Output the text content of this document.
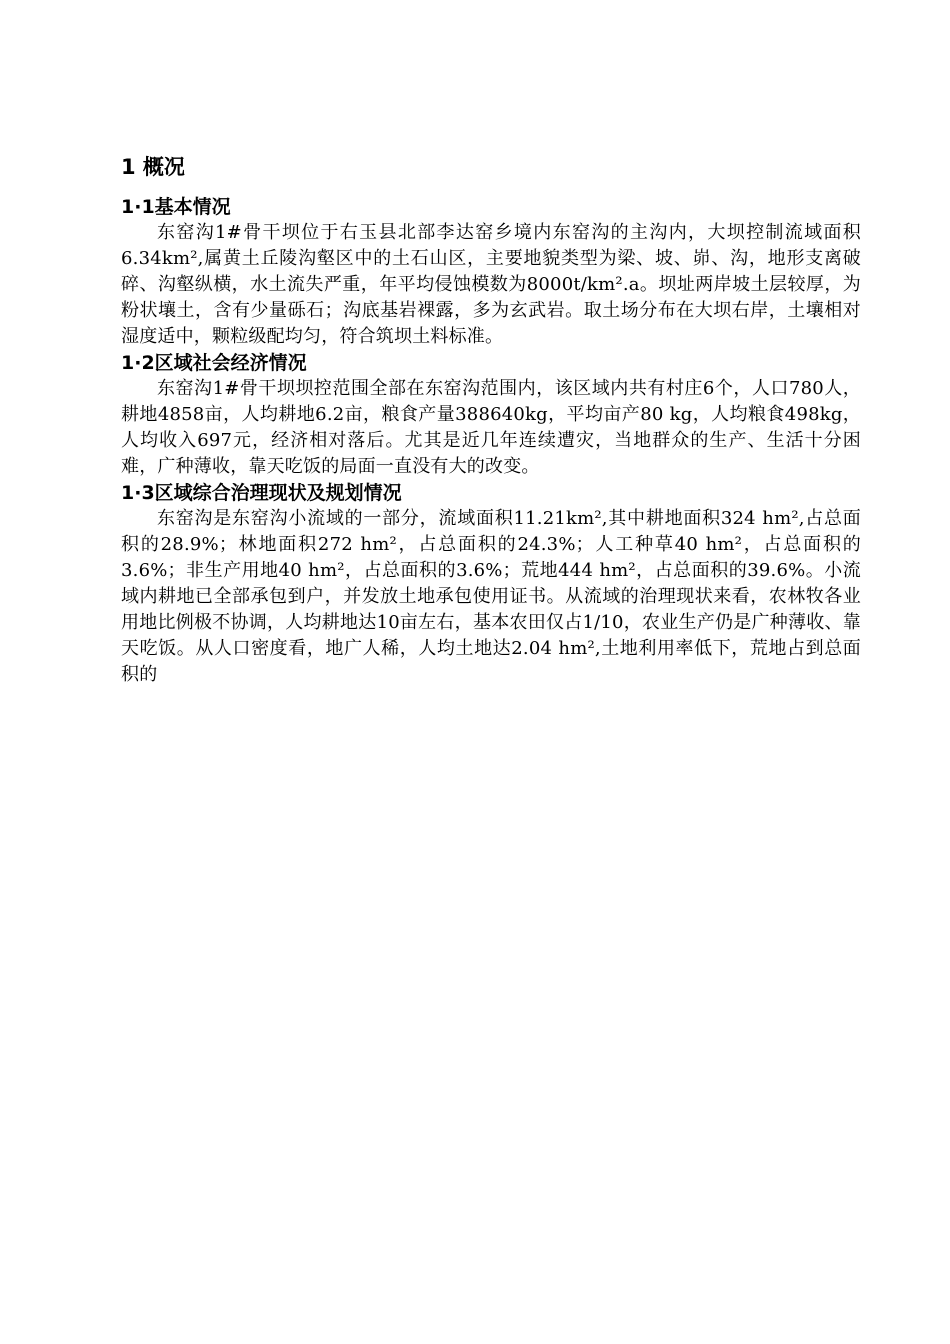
1 概况
1·1基本情况

东窑沟1#骨干坝位于右玉县北部李达窑乡境内东窑沟的主沟内，大坝控制流域面积6.34km²,属黄土丘陵沟壑区中的土石山区，主要地貌类型为梁、坡、峁、沟，地形支离破碎、沟壑纵横，水土流失严重，年平均侵蚀模数为8000t/km².a。坝址两岸坡土层较厚，为粉状壤土，含有少量砾石；沟底基岩裸露，多为玄武岩。取土场分布在大坝右岸，土壤相对湿度适中，颗粒级配均匀，符合筑坝土料标准。

1·2区域社会经济情况

东窑沟1#骨干坝坝控范围全部在东窑沟范围内，该区域内共有村庄6个，人口780人，耕地4858亩，人均耕地6.2亩，粮食产量388640kg，平均亩产80 kg，人均粮食498kg，人均收入697元，经济相对落后。尤其是近几年连续遭灾，当地群众的生产、生活十分困难，广种薄收，靠天吃饭的局面一直没有大的改变。

1·3区域综合治理现状及规划情况

东窑沟是东窑沟小流域的一部分，流域面积11.21km²,其中耕地面积324 hm²,占总面积的28.9%；林地面积272 hm²，占总面积的24.3%；人工种草40 hm²，占总面积的3.6%；非生产用地40 hm²，占总面积的3.6%；荒地444 hm²，占总面积的39.6%。小流域内耕地已全部承包到户，并发放土地承包使用证书。从流域的治理现状来看，农林牧各业用地比例极不协调，人均耕地达10亩左右，基本农田仅占1/10，农业生产仍是广种薄收、靠天吃饭。从人口密度看，地广人稀，人均土地达2.04 hm²,土地利用率低下，荒地占到总面积的
